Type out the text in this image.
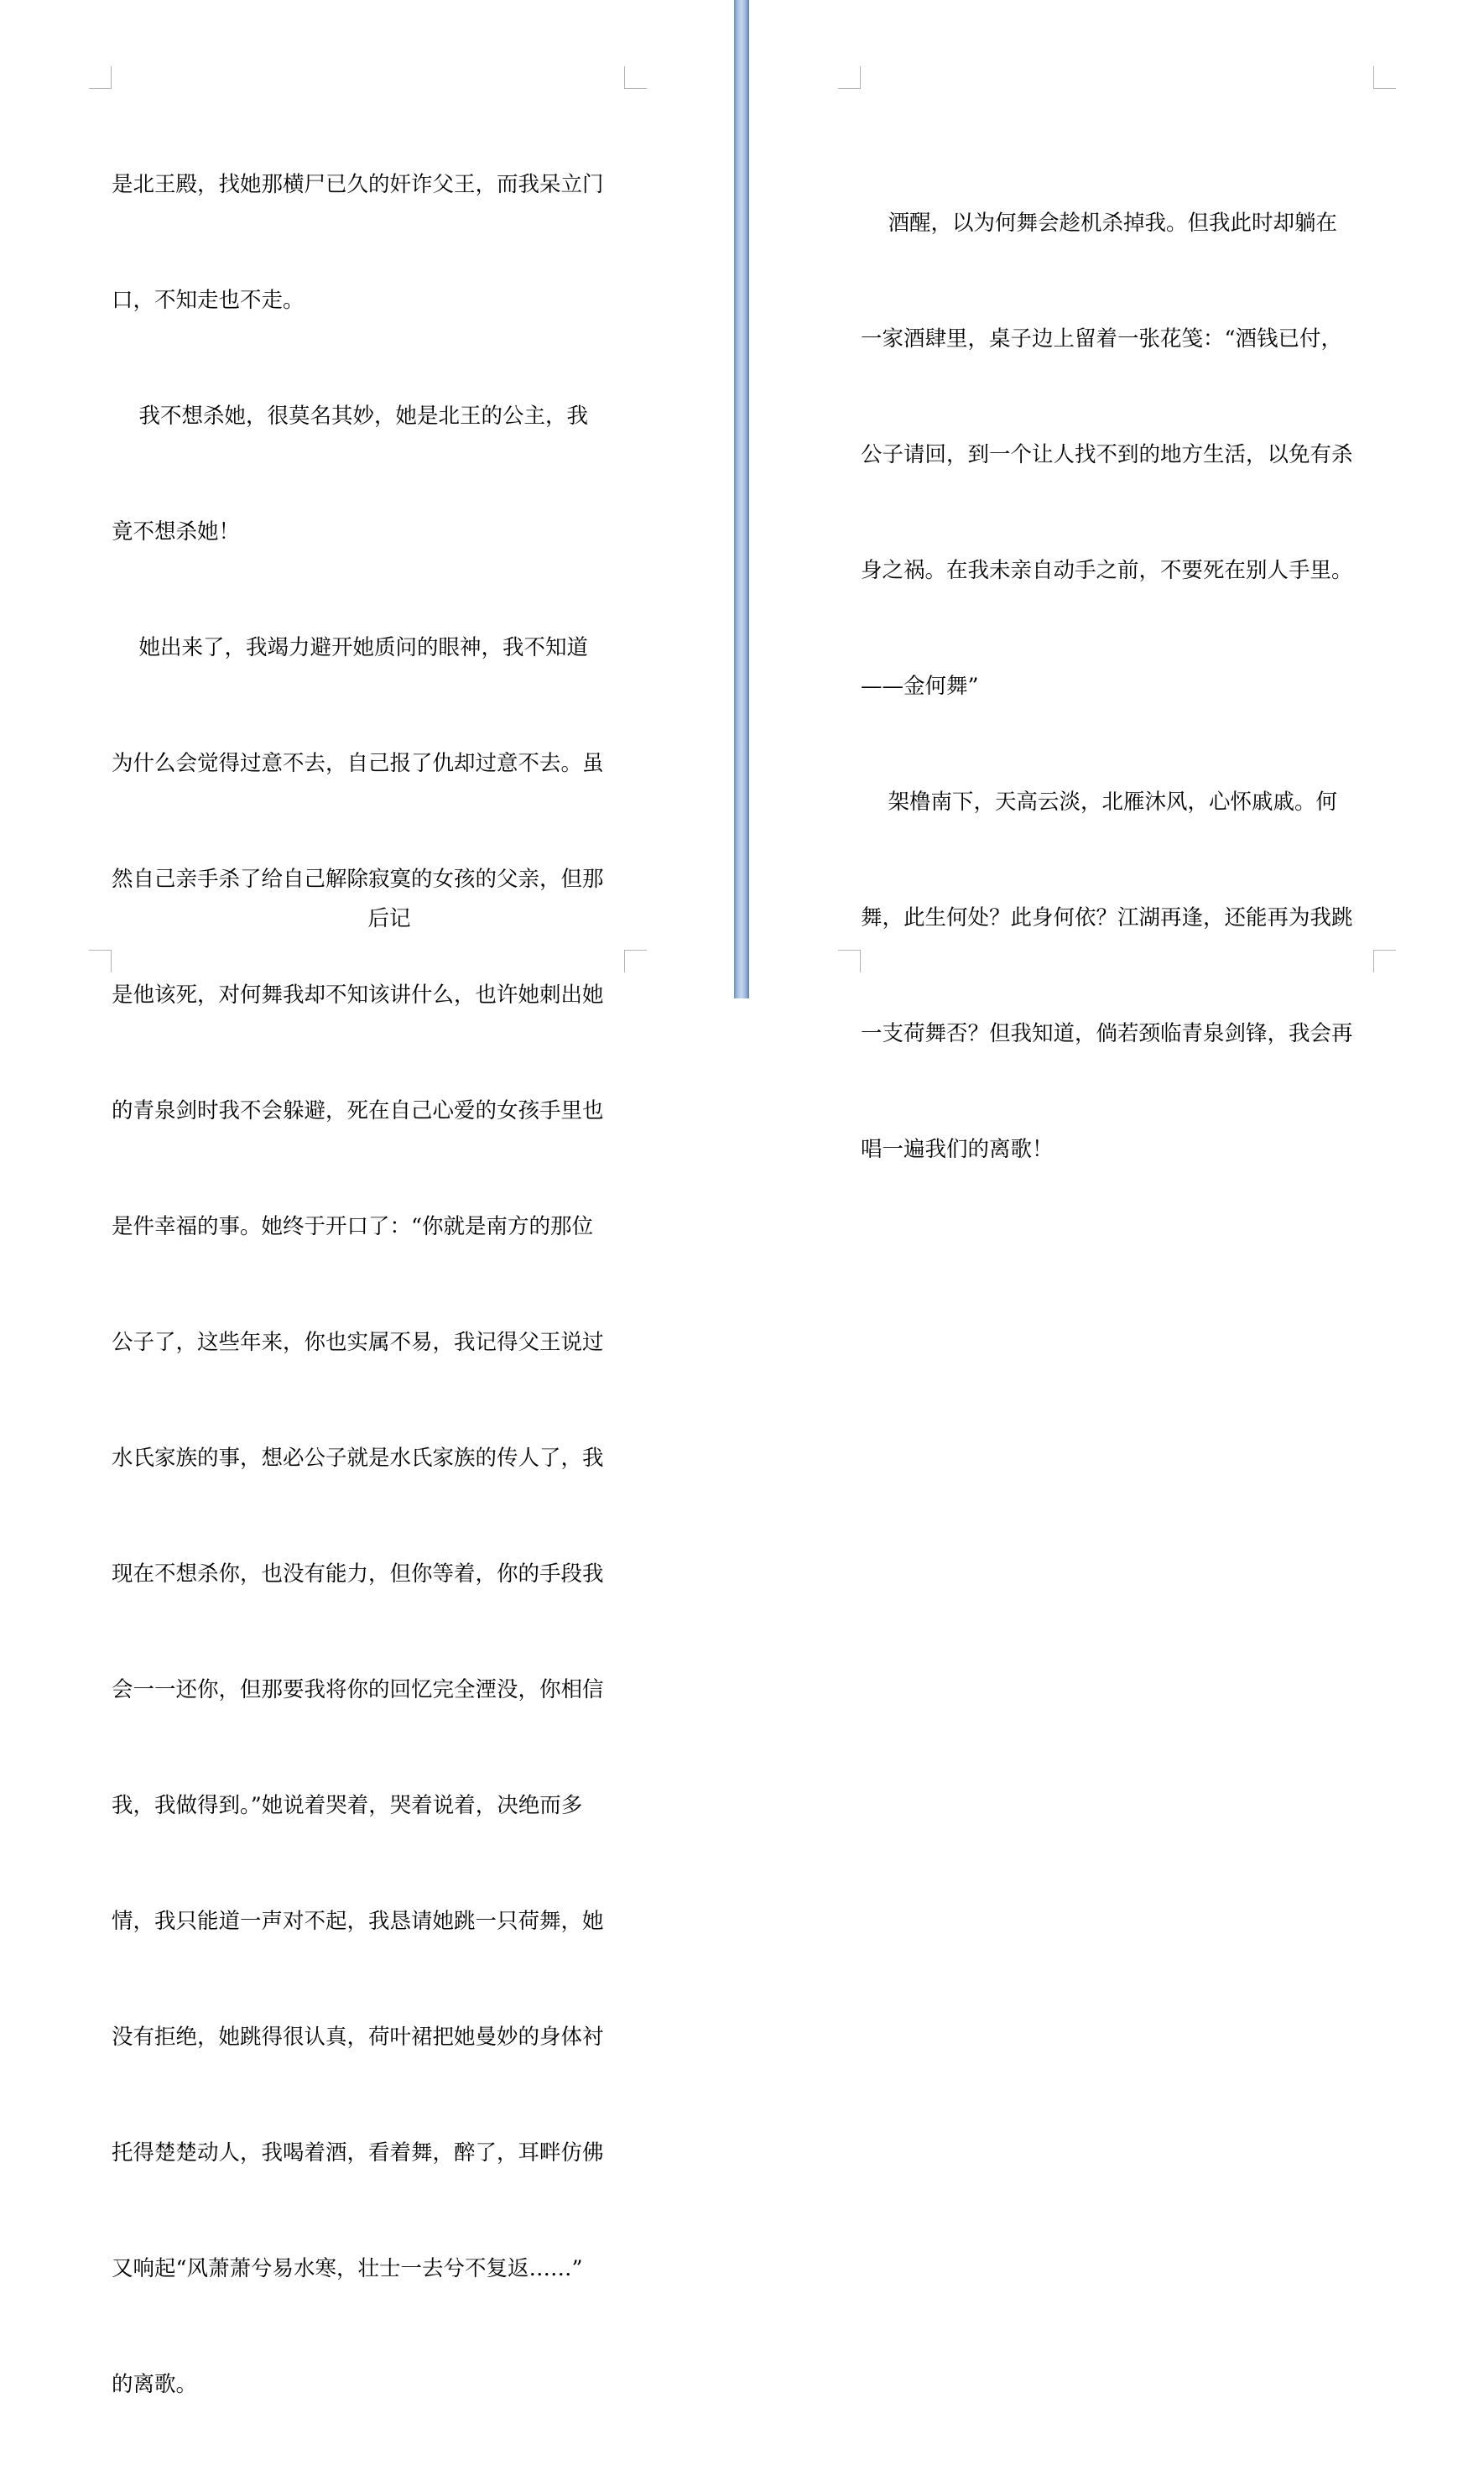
是北王殿，找她那横尸已久的奸诈父王，而我呆立门

口，不知走也不走。

我不想杀她，很莫名其妙，她是北王的公主，我

竟不想杀她！

她出来了，我竭力避开她质问的眼神，我不知道

为什么会觉得过意不去，自己报了仇却过意不去。虽

然自己亲手杀了给自己解除寂寞的女孩的父亲，但那

是他该死，对何舞我却不知该讲什么，也许她刺出她

的青泉剑时我不会躲避，死在自己心爱的女孩手里也

是件幸福的事。她终于开口了：“你就是南方的那位

公子了，这些年来，你也实属不易，我记得父王说过

水氏家族的事，想必公子就是水氏家族的传人了，我

现在不想杀你，也没有能力，但你等着，你的手段我

会一一还你，但那要我将你的回忆完全湮没，你相信

我，我做得到。”她说着哭着，哭着说着，决绝而多

情，我只能道一声对不起，我恳请她跳一只荷舞，她

没有拒绝，她跳得很认真，荷叶裙把她曼妙的身体衬

托得楚楚动人，我喝着酒，看着舞，醉了，耳畔仿佛

又响起“风萧萧兮易水寒，壮士一去兮不复返……”

的离歌。

后记

酒醒，以为何舞会趁机杀掉我。但我此时却躺在

一家酒肆里，桌子边上留着一张花笺：“酒钱已付，

公子请回，到一个让人找不到的地方生活，以免有杀

身之祸。在我未亲自动手之前，不要死在别人手里。

——金何舞”

架橹南下，天高云淡，北雁沐风，心怀戚戚。何

舞，此生何处？此身何依？江湖再逢，还能再为我跳

一支荷舞否？但我知道，倘若颈临青泉剑锋，我会再

唱一遍我们的离歌！
